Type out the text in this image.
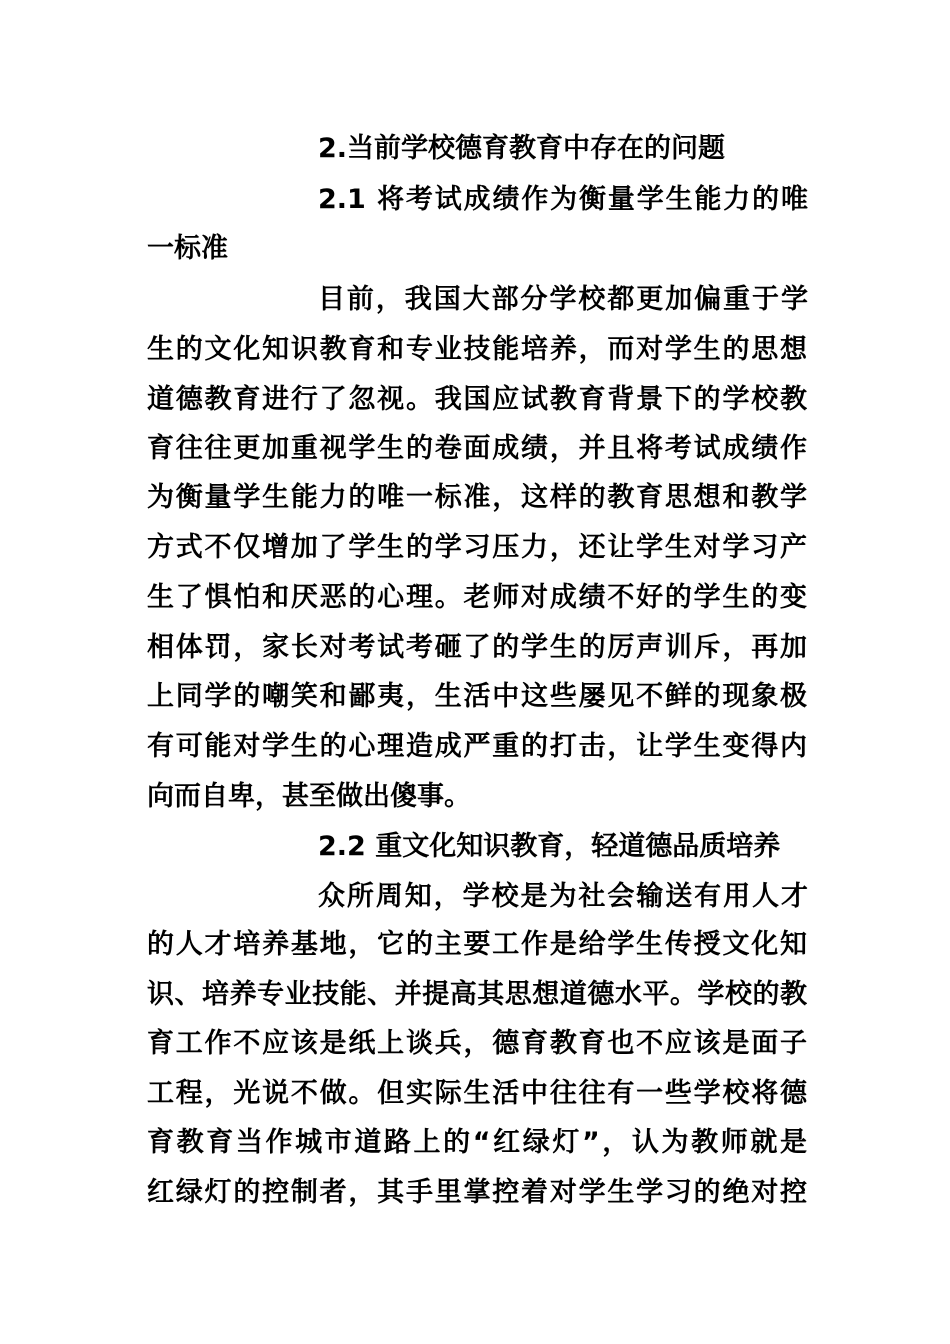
2.当前学校德育教育中存在的问题
2.1 将考试成绩作为衡量学生能力的唯
一标准
目前，我国大部分学校都更加偏重于学
生的文化知识教育和专业技能培养，而对学生的思想
道德教育进行了忽视。我国应试教育背景下的学校教
育往往更加重视学生的卷面成绩，并且将考试成绩作
为衡量学生能力的唯一标准，这样的教育思想和教学
方式不仅增加了学生的学习压力，还让学生对学习产
生了惧怕和厌恶的心理。老师对成绩不好的学生的变
相体罚，家长对考试考砸了的学生的厉声训斥，再加
上同学的嘲笑和鄙夷，生活中这些屡见不鲜的现象极
有可能对学生的心理造成严重的打击，让学生变得内
向而自卑，甚至做出傻事。
2.2 重文化知识教育，轻道德品质培养
众所周知，学校是为社会输送有用人才
的人才培养基地，它的主要工作是给学生传授文化知
识、培养专业技能、并提高其思想道德水平。学校的教
育工作不应该是纸上谈兵，德育教育也不应该是面子
工程，光说不做。但实际生活中往往有一些学校将德
育教育当作城市道路上的“红绿灯”，认为教师就是
红绿灯的控制者，其手里掌控着对学生学习的绝对控
